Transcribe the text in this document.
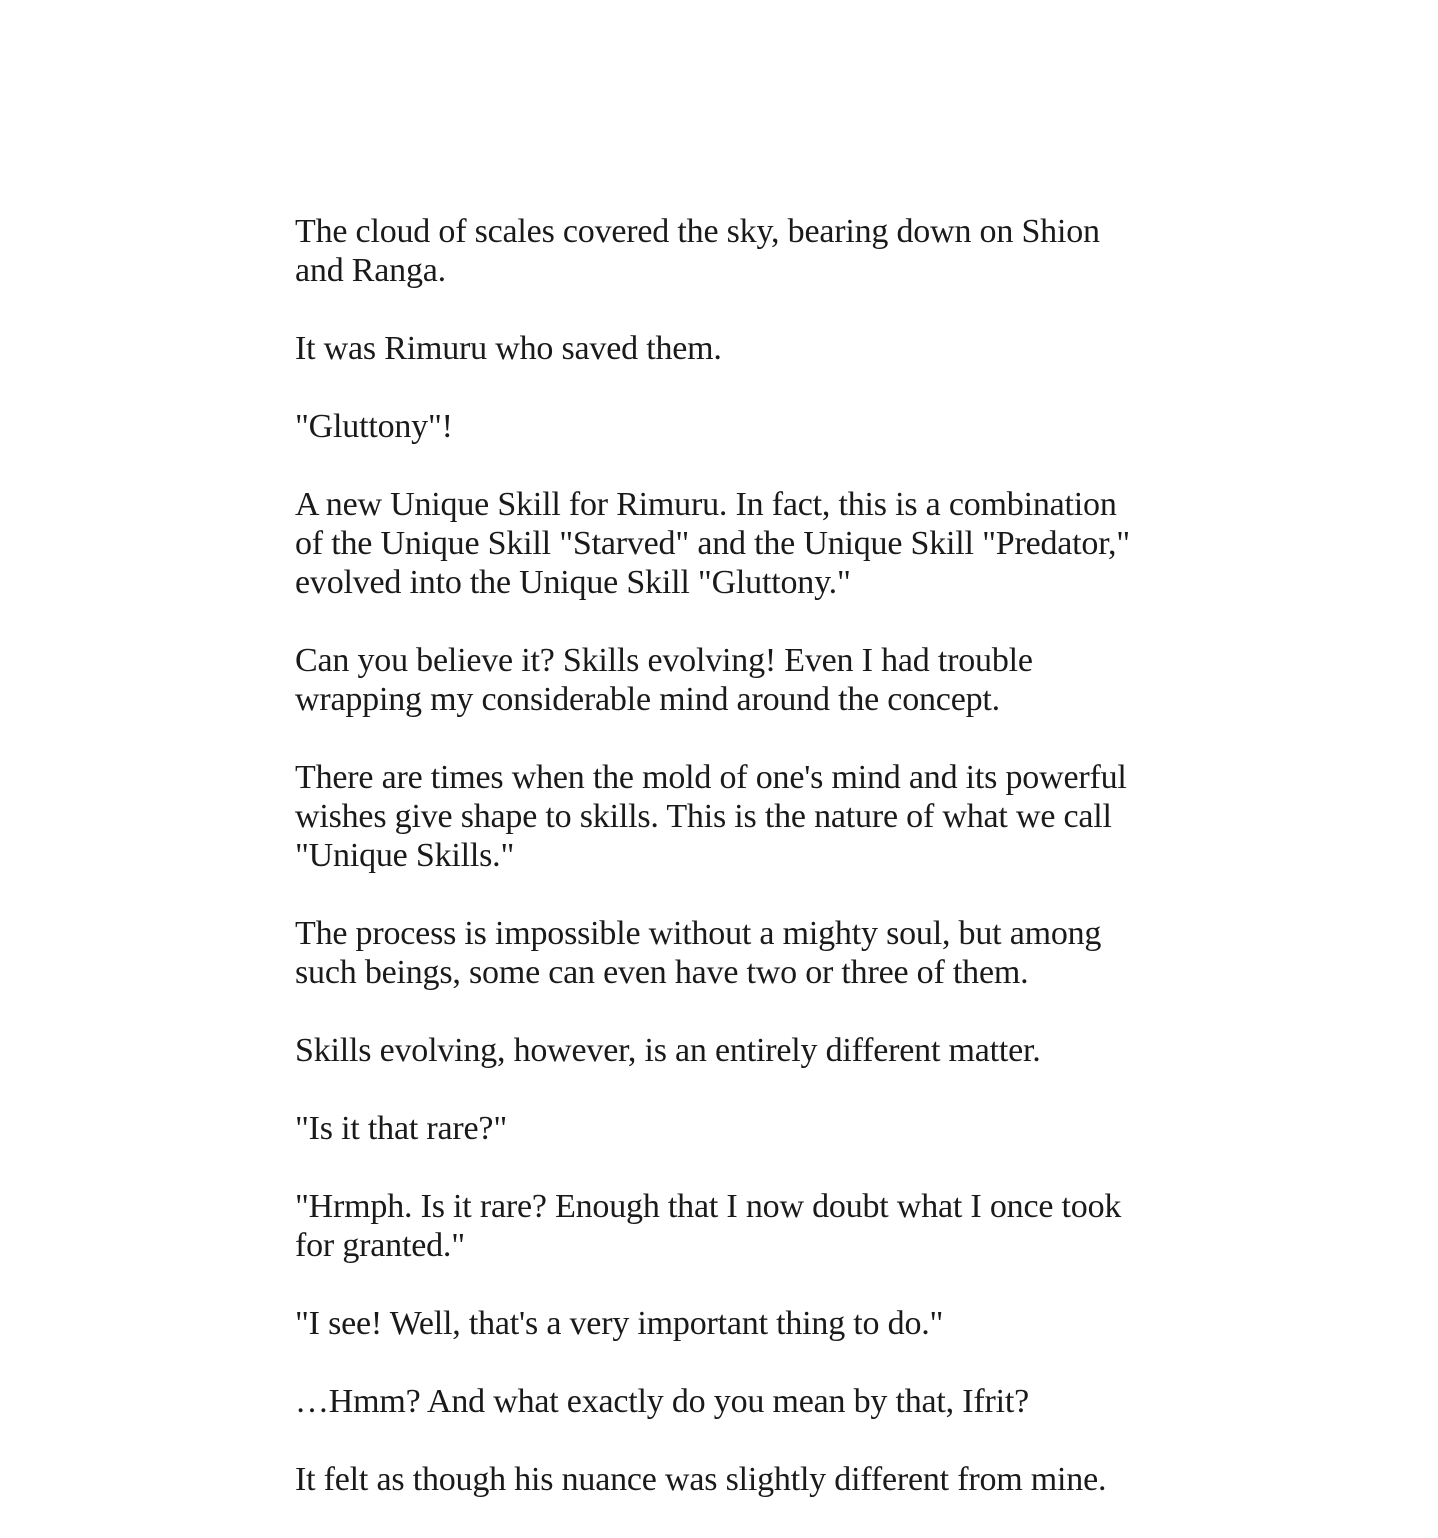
The cloud of scales covered the sky, bearing down on Shion and Ranga.

It was Rimuru who saved them.

"Gluttony"!

A new Unique Skill for Rimuru. In fact, this is a combination of the Unique Skill "Starved" and the Unique Skill "Predator," evolved into the Unique Skill "Gluttony."

Can you believe it? Skills evolving! Even I had trouble wrapping my considerable mind around the concept.

There are times when the mold of one's mind and its powerful wishes give shape to skills. This is the nature of what we call "Unique Skills."

The process is impossible without a mighty soul, but among such beings, some can even have two or three of them.

Skills evolving, however, is an entirely different matter.

"Is it that rare?"

"Hrmph. Is it rare? Enough that I now doubt what I once took for granted."

"I see! Well, that's a very important thing to do."

…Hmm? And what exactly do you mean by that, Ifrit?

It felt as though his nuance was slightly different from mine.
